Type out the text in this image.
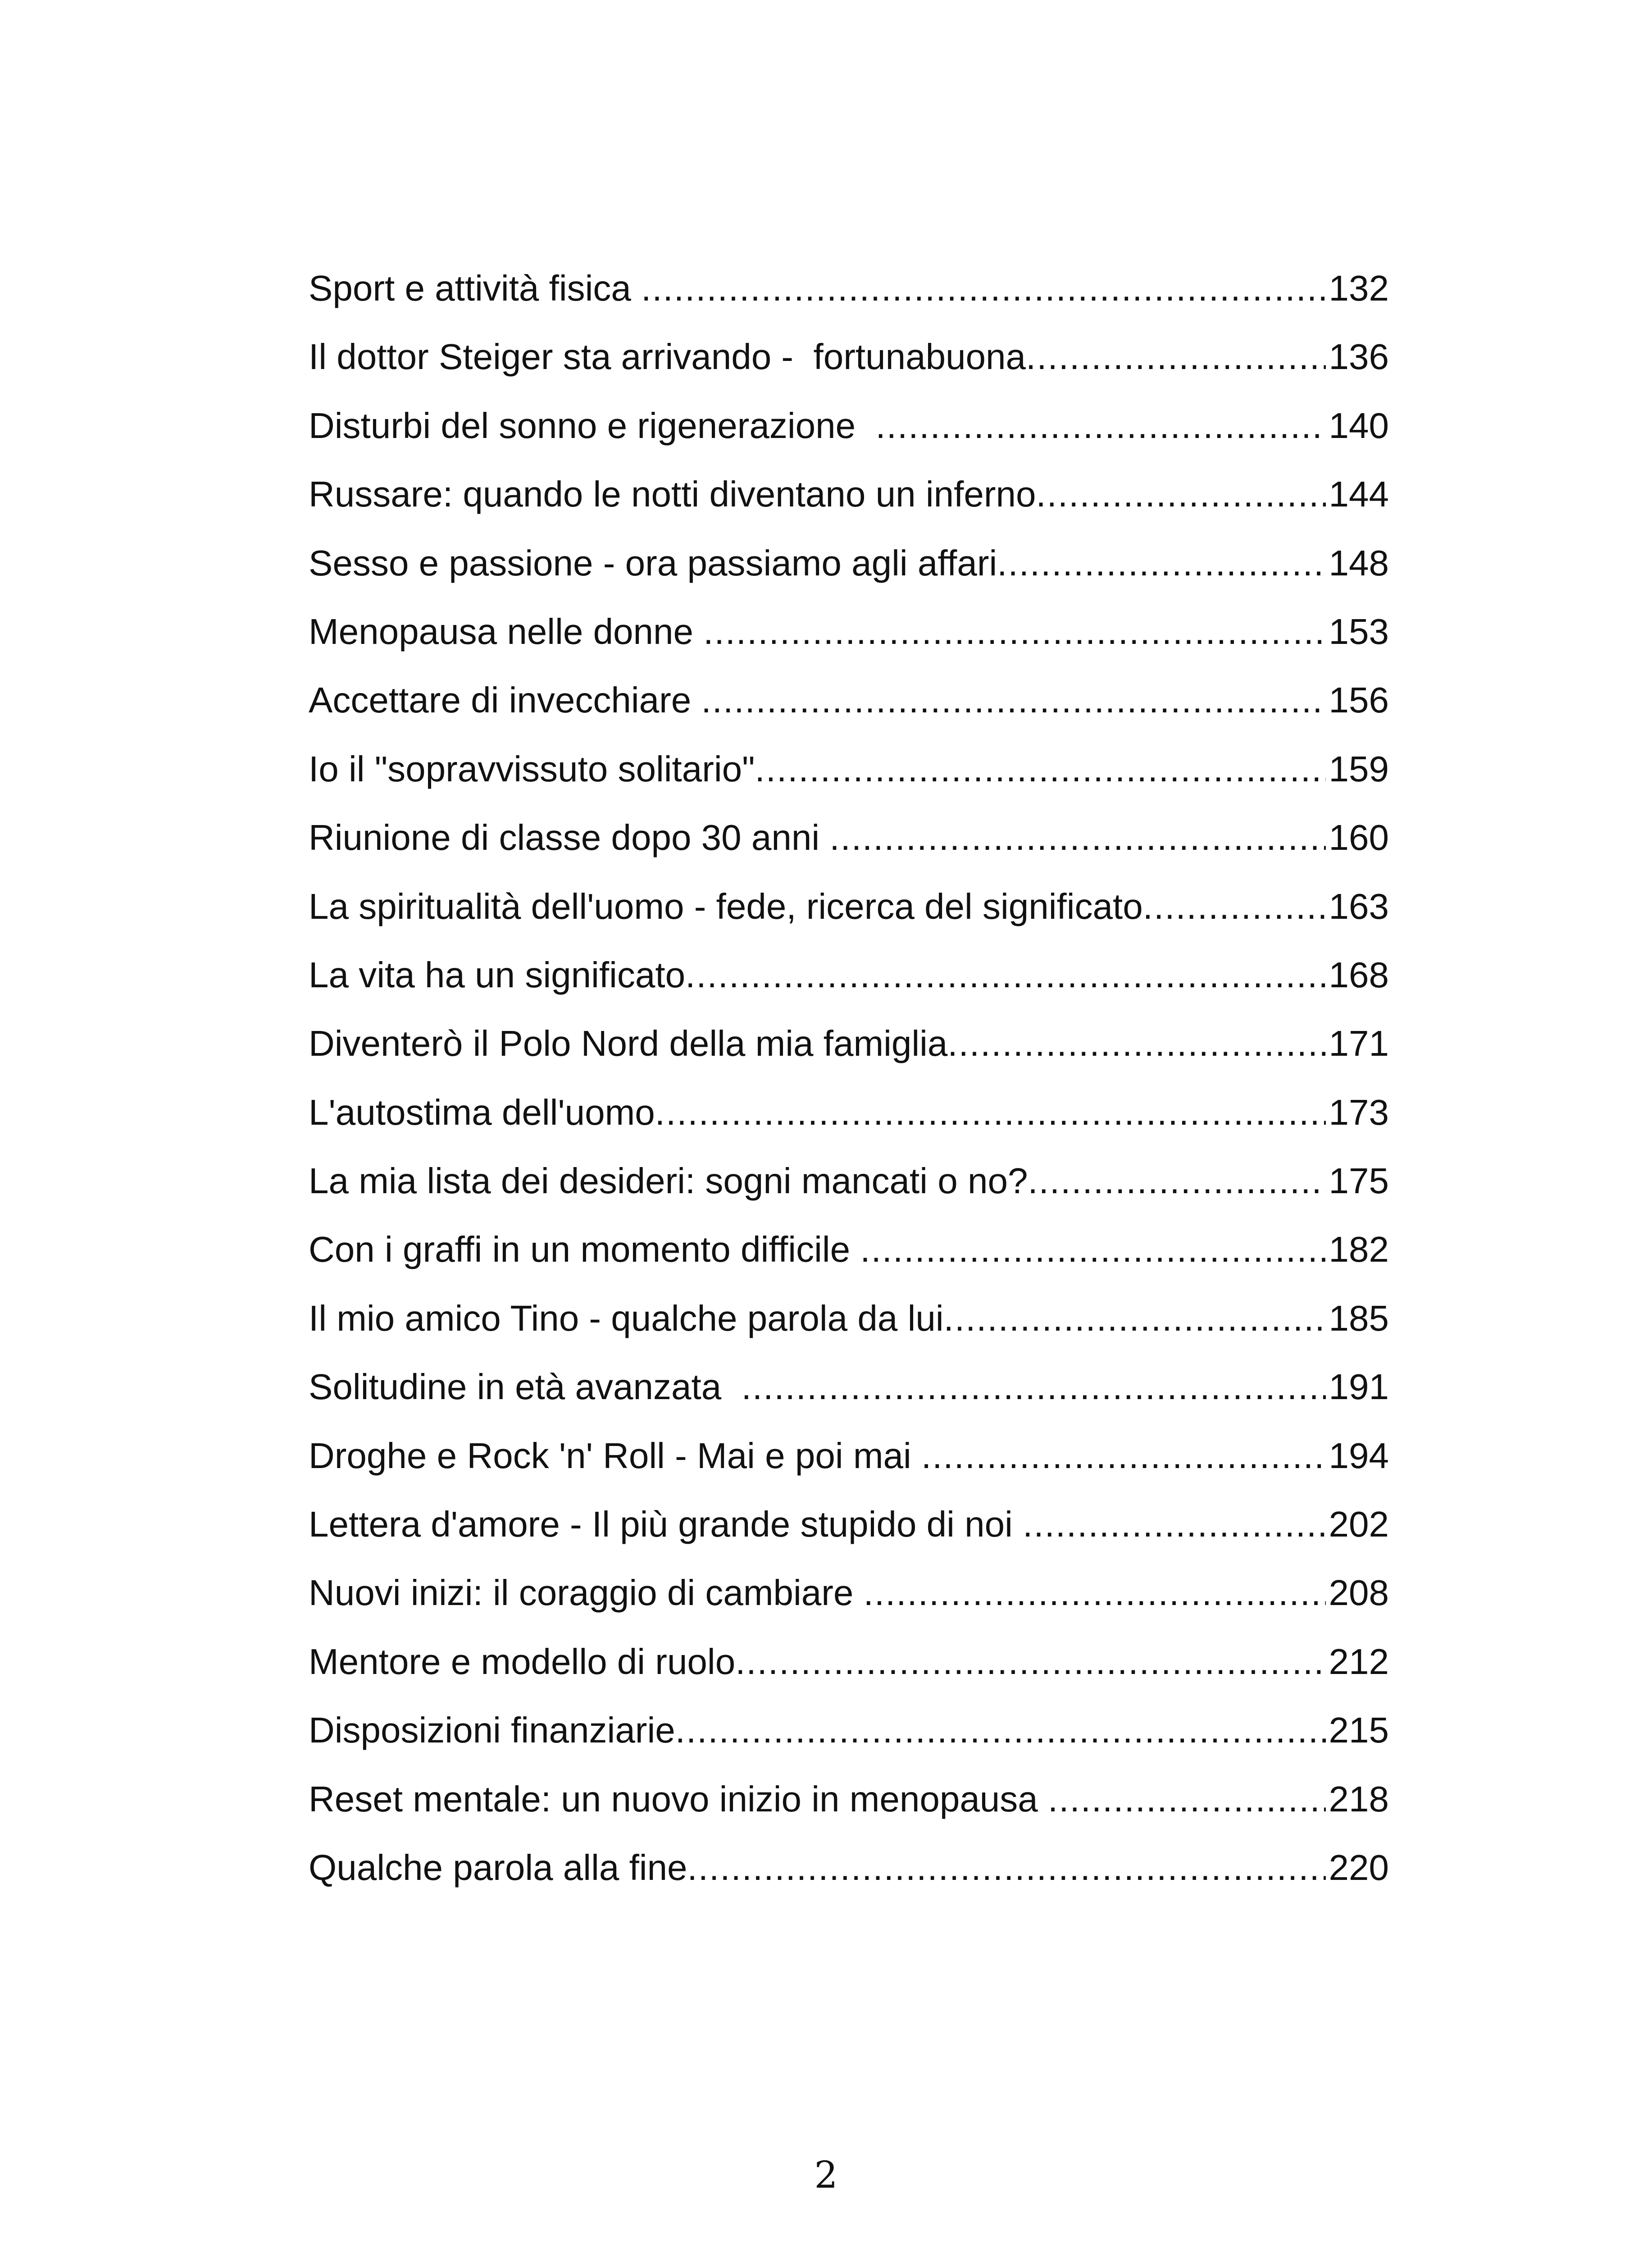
Sport e attività fisica .....	132
Il dottor Steiger sta arrivando -  fortunabuona .....	136
Disturbi del sonno e rigenerazione .....	140
Russare: quando le notti diventano un inferno .....	144
Sesso e passione - ora passiamo agli affari .....	148
Menopausa nelle donne .....	153
Accettare di invecchiare .....	156
Io il "sopravvissuto solitario" .....	159
Riunione di classe dopo 30 anni .....	160
La spiritualità dell'uomo - fede, ricerca del significato .....	163
La vita ha un significato .....	168
Diventerò il Polo Nord della mia famiglia .....	171
L'autostima dell'uomo .....	173
La mia lista dei desideri: sogni mancati o no? .....	175
Con i graffi in un momento difficile .....	182
Il mio amico Tino - qualche parola da lui .....	185
Solitudine in età avanzata .....	191
Droghe e Rock 'n' Roll - Mai e poi mai .....	194
Lettera d'amore - Il più grande stupido di noi .....	202
Nuovi inizi: il coraggio di cambiare .....	208
Mentore e modello di ruolo .....	212
Disposizioni finanziarie .....	215
Reset mentale: un nuovo inizio in menopausa .....	218
Qualche parola alla fine .....	220
2
